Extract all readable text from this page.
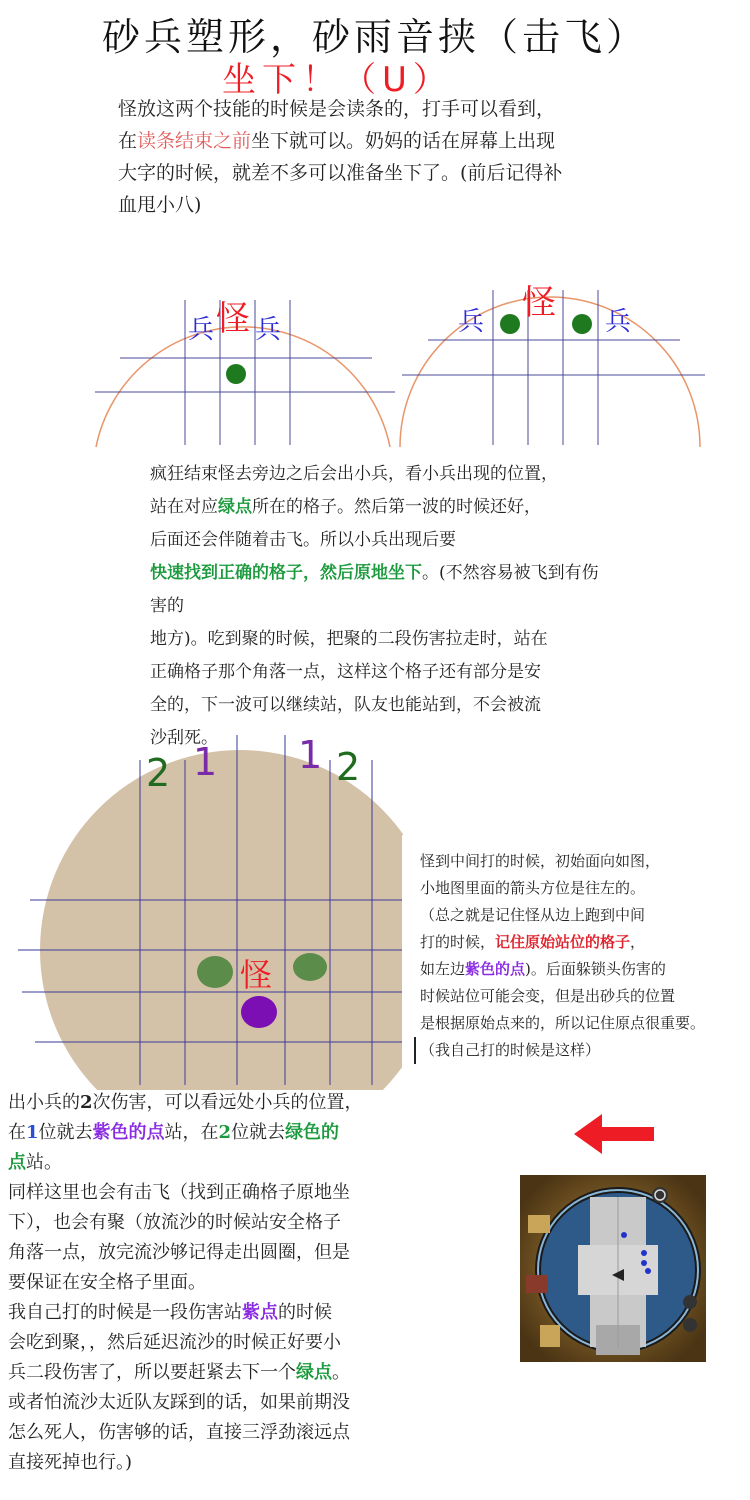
砂兵塑形，砂雨音挟（击飞）
坐下！（U）
怪放这两个技能的时候是会读条的，打手可以看到，
在读条结束之前坐下就可以。奶妈的话在屏幕上出现
大字的时候，就差不多可以准备坐下了。(前后记得补
血甩小八)
兵 怪 兵	兵 怪 兵
疯狂结束怪去旁边之后会出小兵，看小兵出现的位置，
站在对应绿点所在的格子。然后第一波的时候还好，
后面还会伴随着击飞。所以小兵出现后要
快速找到正确的格子，然后原地坐下。(不然容易被飞到有伤害的
地方)。吃到聚的时候，把聚的二段伤害拉走时，站在
正确格子那个角落一点，这样这个格子还有部分是安
全的，下一波可以继续站，队友也能站到，不会被流
沙刮死。
2 1 1 2
怪
怪到中间打的时候，初始面向如图，
小地图里面的箭头方位是往左的。
（总之就是记住怪从边上跑到中间
打的时候，记住原始站位的格子，
如左边紫色的点)。后面躲锁头伤害的
时候站位可能会变，但是出砂兵的位置
是根据原始点来的，所以记住原点很重要。
（我自己打的时候是这样）
出小兵的2次伤害，可以看远处小兵的位置，
在1位就去紫色的点站，在2位就去绿色的
点站。
同样这里也会有击飞（找到正确格子原地坐
下），也会有聚（放流沙的时候站安全格子
角落一点，放完流沙够记得走出圆圈，但是
要保证在安全格子里面。
我自己打的时候是一段伤害站紫点的时候
会吃到聚，，然后延迟流沙的时候正好要小
兵二段伤害了，所以要赶紧去下一个绿点。
或者怕流沙太近队友踩到的话，如果前期没
怎么死人，伤害够的话，直接三浮劲滚远点
直接死掉也行。)
